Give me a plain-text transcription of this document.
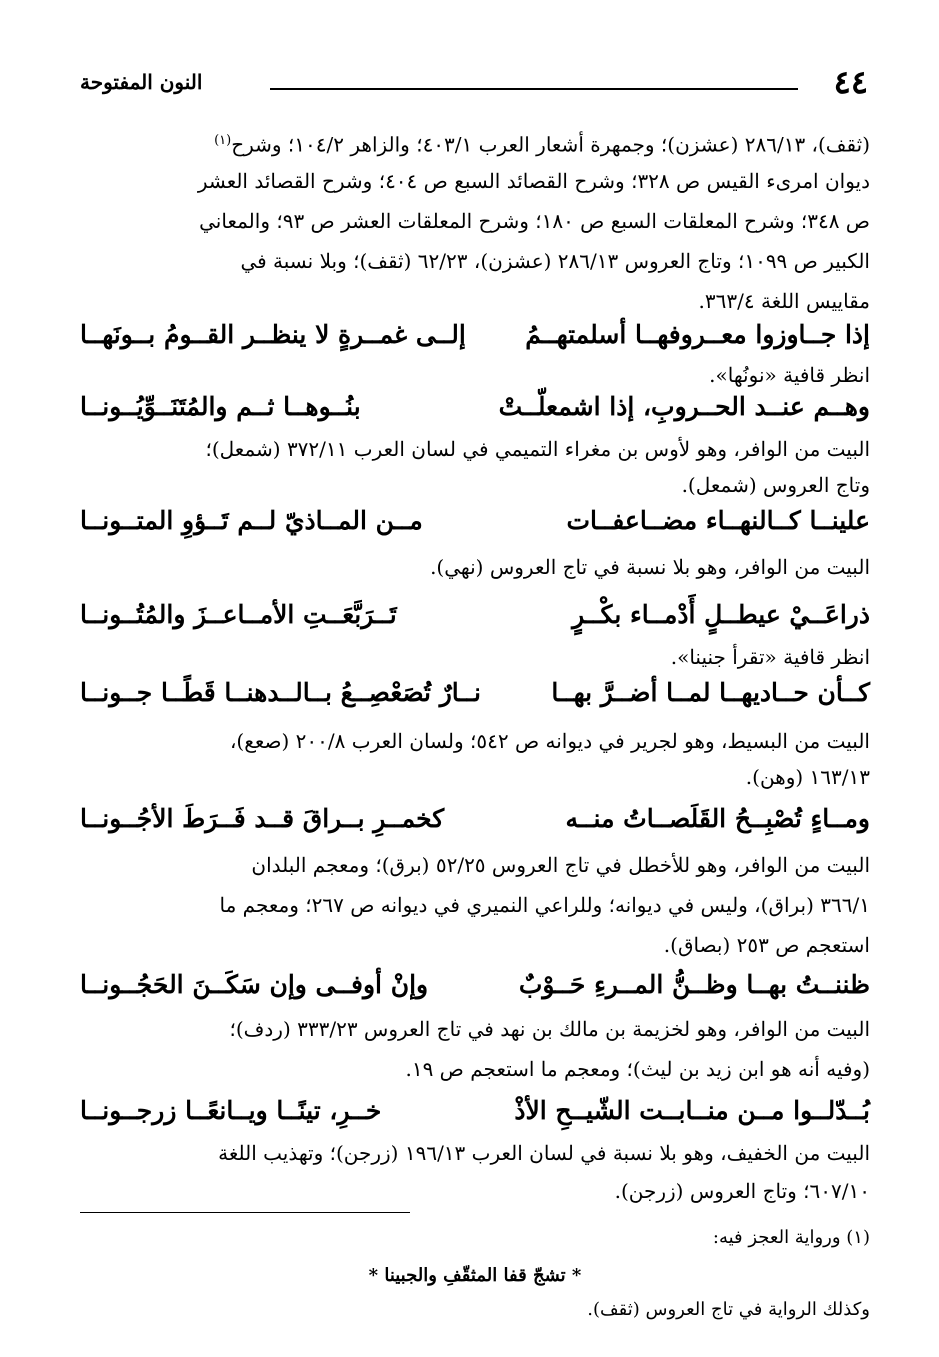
٤٤
النون المفتوحة
(ثقف)، ٢٨٦/١٣ (عشزن)؛ وجمهرة أشعار العرب ٤٠٣/١؛ والزاهر ١٠٤/٢؛ وشرح$^{(١)}$
ديوان امرىء القيس ص ٣٢٨؛ وشرح القصائد السبع ص ٤٠٤؛ وشرح القصائد العشر
ص ٣٤٨؛ وشرح المعلقات السبع ص ١٨٠؛ وشرح المعلقات العشر ص ٩٣؛ والمعاني
الكبير ص ١٠٩٩؛ وتاج العروس ٢٨٦/١٣ (عشزن)، ٦٢/٢٣ (ثقف)؛ وبلا نسبة في
مقاييس اللغة ٣٦٣/٤.
إذا جــاوزوا معــروفهــا أسلمتهــمُ
إلــى غمــرةٍ لا ينظــر القــومُ بــونَهــا
انظر قافية «نونُها».
وهــم عنــد الحــروبِ، إذا اشمعلّــتْ
بنُــوهــا ثــم والمُتَنَــوِّيُــونــا
البيت من الوافر، وهو لأوس بن مغراء التميمي في لسان العرب ٣٧٢/١١ (شمعل)؛
وتاج العروس (شمعل).
علينــا كــالنهــاء مضــاعفــات
مــن المــاذيّ لــم تَــؤوِ المتــونــا
البيت من الوافر، وهو بلا نسبة في تاج العروس (نهي).
ذراعَــيْ عيطــلٍ أَدْمــاء بكْــرٍ
تَــرَبَّعَــتِ الأمــاعــزَ والمُتُــونــا
انظر قافية «تقرأ جنينا».
كــأن حــاديهــا لمــا أضــرَّ بهــا
نــارٌ تُصَعْصِــعُ بــالــدهنــا قَطًــا جــونــا
البيت من البسيط، وهو لجرير في ديوانه ص ٥٤٢؛ ولسان العرب ٢٠٠/٨ (صعع)،
١٦٣/١٣ (وهن).
ومــاءٍ تُصْبِــحُ القَلَصــاتُ منــه
كخمــرِ بــراقَ قــد فَــرَطَ الأجُــونــا
البيت من الوافر، وهو للأخطل في تاج العروس ٥٢/٢٥ (برق)؛ ومعجم البلدان
٣٦٦/١ (براق)، وليس في ديوانه؛ وللراعي النميري في ديوانه ص ٢٦٧؛ ومعجم ما
استعجم ص ٢٥٣ (بصاق).
ظننــتُ بهــا وظــنُّ المــرءِ حَــوْبٌ
وإنْ أوفــى وإن سَكَــنَ الحَجُــونــا
البيت من الوافر، وهو لخزيمة بن مالك بن نهد في تاج العروس ٣٣٣/٢٣ (ردف)؛
(وفيه أنه هو ابن زيد بن ليث)؛ ومعجم ما استعجم ص ١٩.
بُــدّلــوا مــن منــابــت الشّيــحِ الأذْ
خــرِ، تينًــا ويــانعًــا زرجــونــا
البيت من الخفيف، وهو بلا نسبة في لسان العرب ١٩٦/١٣ (زرجن)؛ وتهذيب اللغة
٦٠٧/١٠؛ وتاج العروس (زرجن).
(١) ورواية العجز فيه:
* تشجّ قفا المثقّفِ والجبينا *
وكذلك الرواية في تاج العروس (ثقف).
